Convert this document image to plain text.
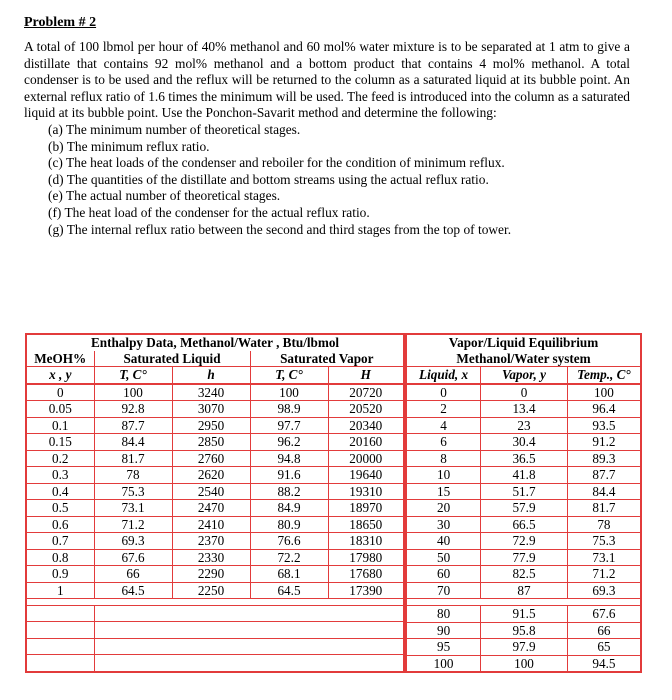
Problem # 2

A total of 100 lbmol per hour of 40% methanol and 60 mol% water mixture is to be separated at 1 atm to give a distillate that contains 92 mol% methanol and a bottom product that contains 4 mol% methanol. A total condenser is to be used and the reflux will be returned to the column as a saturated liquid at its bubble point. An external reflux ratio of 1.6 times the minimum will be used. The feed is introduced into the column as a saturated liquid at its bubble point. Use the Ponchon-Savarit method and determine the following:

(a) The minimum number of theoretical stages.
(b) The minimum reflux ratio.
(c) The heat loads of the condenser and reboiler for the condition of minimum reflux.
(d) The quantities of the distillate and bottom streams using the actual reflux ratio.
(e) The actual number of theoretical stages.
(f) The heat load of the condenser for the actual reflux ratio.
(g) The internal reflux ratio between the second and third stages from the top of tower.
Enthalpy Data, Methanol/Water , Btu/lbmol				
MeOH%	Saturated Liquid		Saturated Vapor	
x , y	T, C°	h	T, C°	H
0	100	3240	100	20720
0.05	92.8	3070	98.9	20520
0.1	87.7	2950	97.7	20340
0.15	84.4	2850	96.2	20160
0.2	81.7	2760	94.8	20000
0.3	78	2620	91.6	19640
0.4	75.3	2540	88.2	19310
0.5	73.1	2470	84.9	18970
0.6	71.2	2410	80.9	18650
0.7	69.3	2370	76.6	18310
0.8	67.6	2330	72.2	17980
0.9	66	2290	68.1	17680
1	64.5	2250	64.5	17390

Vapor/Liquid Equilibrium		
Methanol/Water system		
Liquid, x	Vapor, y	Temp., C°
0	0	100
2	13.4	96.4
4	23	93.5
6	30.4	91.2
8	36.5	89.3
10	41.8	87.7
15	51.7	84.4
20	57.9	81.7
30	66.5	78
40	72.9	75.3
50	77.9	73.1
60	82.5	71.2
70	87	69.3

80	91.5	67.6
90	95.8	66
95	97.9	65
100	100	94.5
